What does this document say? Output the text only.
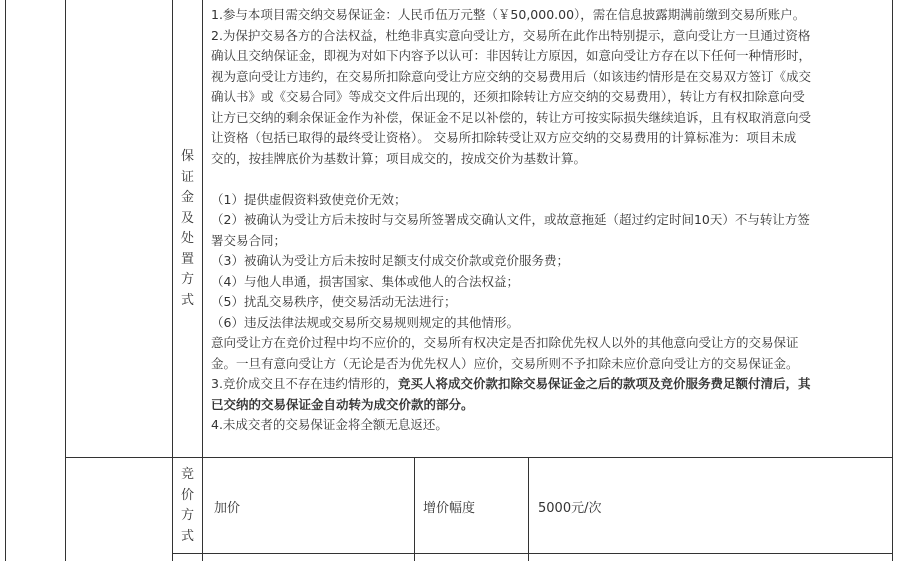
保
证
金
及
处
置
方
式

1.参与本项目需交纳交易保证金：人民币伍万元整（￥50,000.00），需在信息披露期满前缴到交易所账户。

2.为保护交易各方的合法权益，杜绝非真实意向受让方，交易所在此作出特别提示，意向受让方一旦通过资格

确认且交纳保证金，即视为对如下内容予以认可：非因转让方原因，如意向受让方存在以下任何一种情形时，

视为意向受让方违约，在交易所扣除意向受让方应交纳的交易费用后（如该违约情形是在交易双方签订《成交

确认书》或《交易合同》等成交文件后出现的，还须扣除转让方应交纳的交易费用），转让方有权扣除意向受

让方已交纳的剩余保证金作为补偿，保证金不足以补偿的，转让方可按实际损失继续追诉，且有权取消意向受

让资格（包括已取得的最终受让资格）。 交易所扣除转受让双方应交纳的交易费用的计算标准为：项目未成

交的，按挂牌底价为基数计算；项目成交的，按成交价为基数计算。

（1）提供虚假资料致使竞价无效；

（2）被确认为受让方后未按时与交易所签署成交确认文件，或故意拖延（超过约定时间10天）不与转让方签

署交易合同；

（3）被确认为受让方后未按时足额支付成交价款或竞价服务费；

（4）与他人串通，损害国家、集体或他人的合法权益；

（5）扰乱交易秩序，使交易活动无法进行；

（6）违反法律法规或交易所交易规则规定的其他情形。

意向受让方在竞价过程中均不应价的，交易所有权决定是否扣除优先权人以外的其他意向受让方的交易保证

金。一旦有意向受让方（无论是否为优先权人）应价，交易所则不予扣除未应价意向受让方的交易保证金。

3.竞价成交且不存在违约情形的，竞买人将成交价款扣除交易保证金之后的款项及竞价服务费足额付清后，其

已交纳的交易保证金自动转为成交价款的部分。

4.未成交者的交易保证金将全额无息返还。

竞
价
方
式
加价	增价幅度	5000元/次
